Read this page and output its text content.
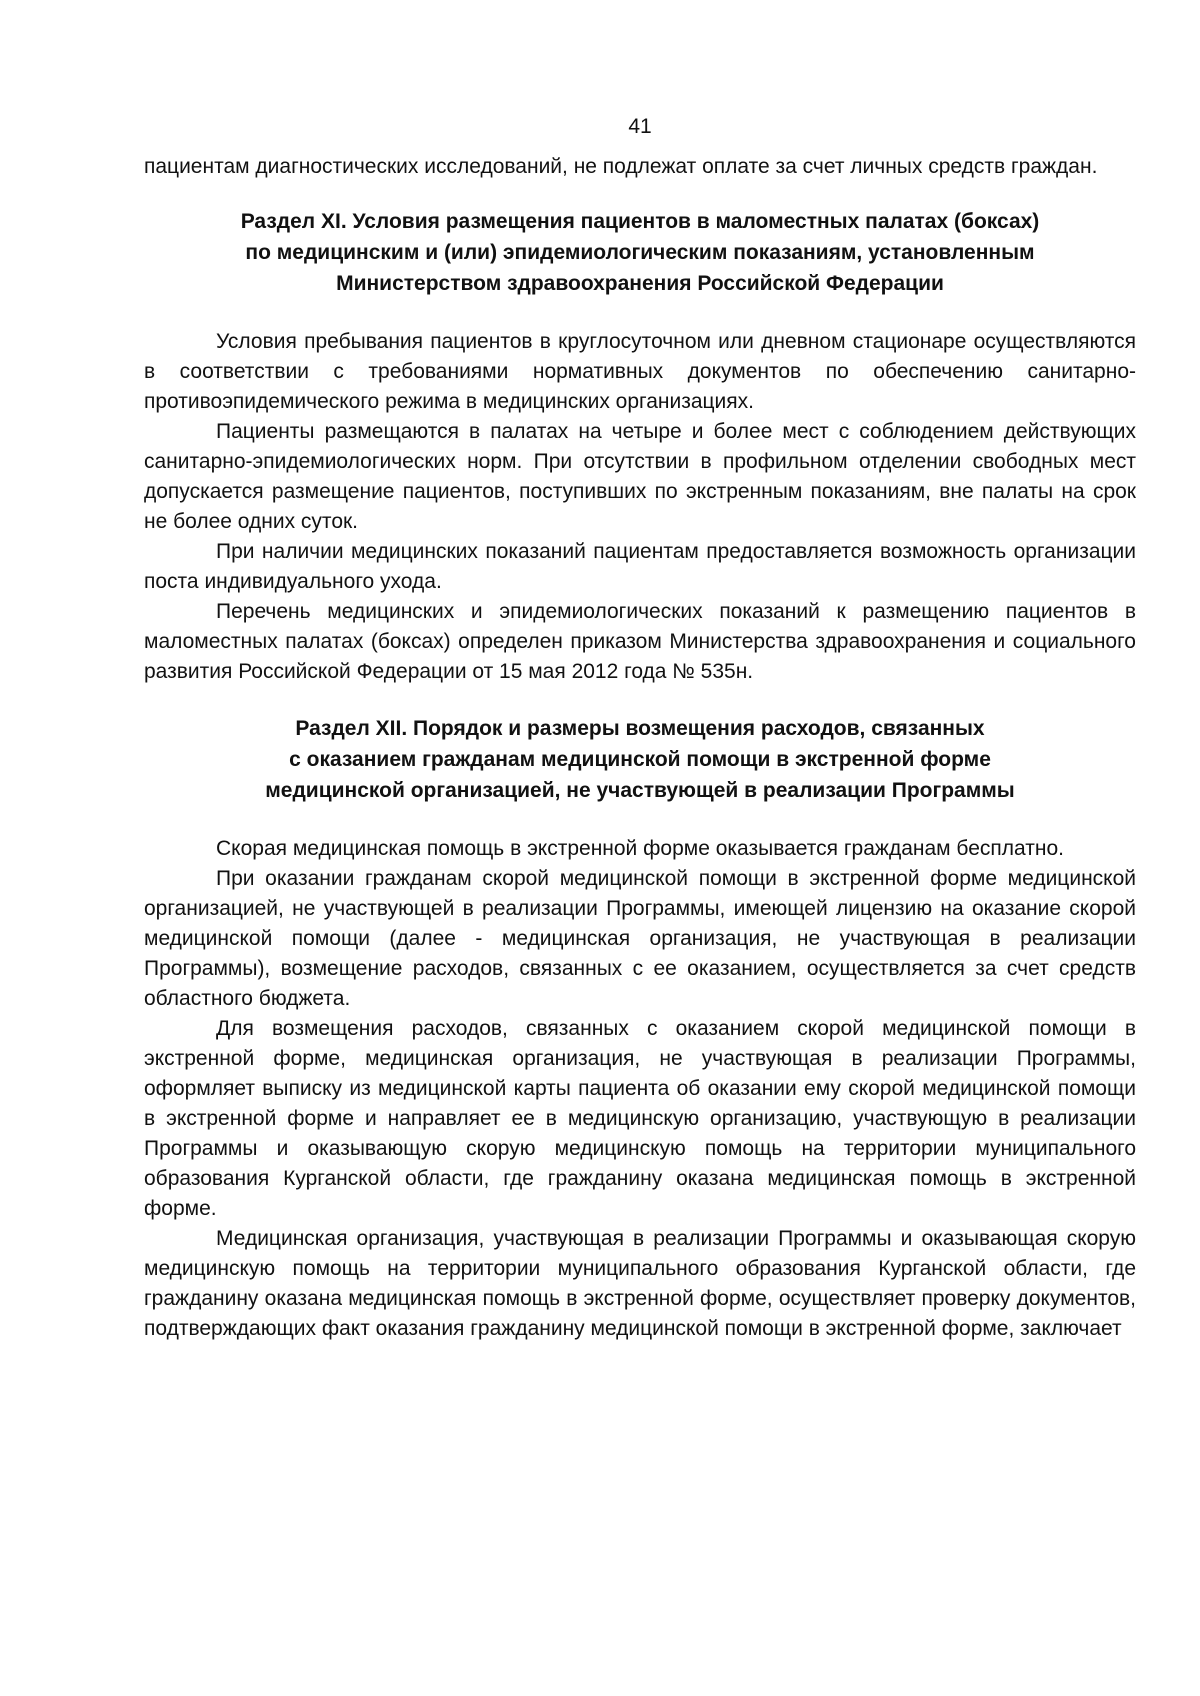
41

пациентам диагностических исследований, не подлежат оплате за счет личных средств граждан.

Раздел XI. Условия размещения пациентов в маломестных палатах (боксах)
по медицинским и (или) эпидемиологическим показаниям, установленным
Министерством здравоохранения Российской Федерации

Условия пребывания пациентов в круглосуточном или дневном стационаре осуществляются в соответствии с требованиями нормативных документов по обеспечению санитарно-противоэпидемического режима в медицинских организациях.

Пациенты размещаются в палатах на четыре и более мест с соблюдением действующих санитарно-эпидемиологических норм. При отсутствии в профильном отделении свободных мест допускается размещение пациентов, поступивших по экстренным показаниям, вне палаты на срок не более одних суток.

При наличии медицинских показаний пациентам предоставляется возможность организации поста индивидуального ухода.

Перечень медицинских и эпидемиологических показаний к размещению пациентов в маломестных палатах (боксах) определен приказом Министерства здравоохранения и социального развития Российской Федерации от 15 мая 2012 года № 535н.

Раздел XII. Порядок и размеры возмещения расходов, связанных
с оказанием гражданам медицинской помощи в экстренной форме
медицинской организацией, не участвующей в реализации Программы

Скорая медицинская помощь в экстренной форме оказывается гражданам бесплатно.

При оказании гражданам скорой медицинской помощи в экстренной форме медицинской организацией, не участвующей в реализации Программы, имеющей лицензию на оказание скорой медицинской помощи (далее - медицинская организация, не участвующая в реализации Программы), возмещение расходов, связанных с ее оказанием, осуществляется за счет средств областного бюджета.

Для возмещения расходов, связанных с оказанием скорой медицинской помощи в экстренной форме, медицинская организация, не участвующая в реализации Программы, оформляет выписку из медицинской карты пациента об оказании ему скорой медицинской помощи в экстренной форме и направляет ее в медицинскую организацию, участвующую в реализации Программы и оказывающую скорую медицинскую помощь на территории муниципального образования Курганской области, где гражданину оказана медицинская помощь в экстренной форме.

Медицинская организация, участвующая в реализации Программы и оказывающая скорую медицинскую помощь на территории муниципального образования Курганской области, где гражданину оказана медицинская помощь в экстренной форме, осуществляет проверку документов, подтверждающих факт оказания гражданину медицинской помощи в экстренной форме, заключает
